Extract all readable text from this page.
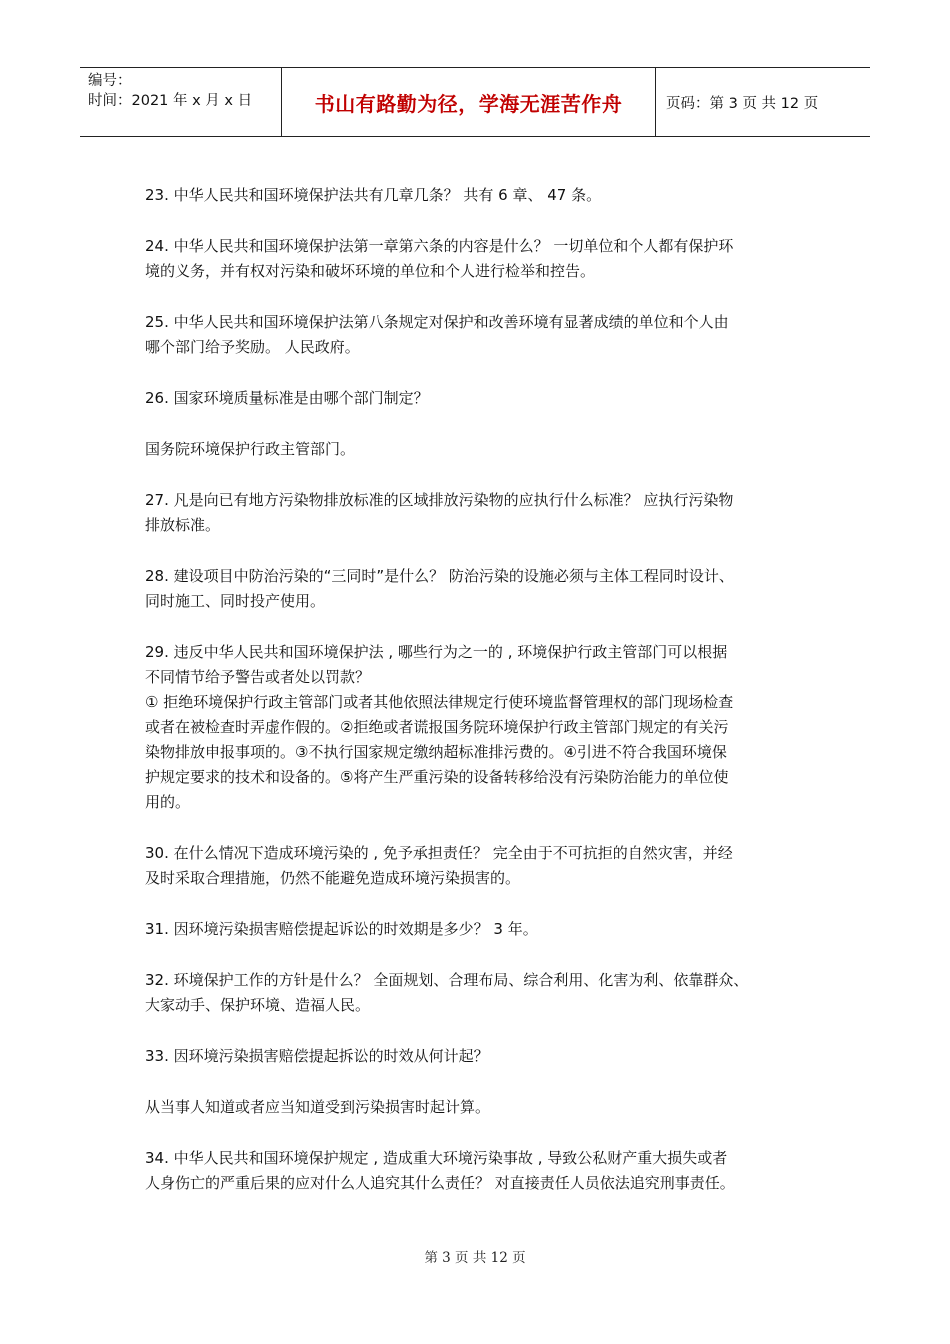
编号：
时间：2021 年 x 月 x 日	书山有路勤为径，学海无涯苦作舟	页码：第 3 页 共 12 页
23. 中华人民共和国环境保护法共有几章几条？ 共有 6 章、 47 条。
24. 中华人民共和国环境保护法第一章第六条的内容是什么？ 一切单位和个人都有保护环
境的义务，并有权对污染和破坏环境的单位和个人进行检举和控告。
25. 中华人民共和国环境保护法第八条规定对保护和改善环境有显著成绩的单位和个人由
哪个部门给予奖励。 人民政府。
26. 国家环境质量标准是由哪个部门制定？
国务院环境保护行政主管部门。
27. 凡是向已有地方污染物排放标准的区域排放污染物的应执行什么标准？ 应执行污染物
排放标准。
28. 建设项目中防治污染的“三同时”是什么？ 防治污染的设施必须与主体工程同时设计、
同时施工、同时投产使用。
29. 违反中华人民共和国环境保护法 , 哪些行为之一的 , 环境保护行政主管部门可以根据
不同情节给予警告或者处以罚款？
① 拒绝环境保护行政主管部门或者其他依照法律规定行使环境监督管理权的部门现场检查
或者在被检查时弄虚作假的。②拒绝或者谎报国务院环境保护行政主管部门规定的有关污
染物排放申报事项的。③不执行国家规定缴纳超标准排污费的。④引进不符合我国环境保
护规定要求的技术和设备的。⑤将产生严重污染的设备转移给没有污染防治能力的单位使
用的。
30. 在什么情况下造成环境污染的 , 免予承担责任？ 完全由于不可抗拒的自然灾害，并经
及时采取合理措施，仍然不能避免造成环境污染损害的。
31. 因环境污染损害赔偿提起诉讼的时效期是多少？ 3 年。
32. 环境保护工作的方针是什么？ 全面规划、合理布局、综合利用、化害为利、依靠群众、
大家动手、保护环境、造福人民。
33. 因环境污染损害赔偿提起拆讼的时效从何计起？
从当事人知道或者应当知道受到污染损害时起计算。
34. 中华人民共和国环境保护规定 , 造成重大环境污染事故 , 导致公私财产重大损失或者
人身伤亡的严重后果的应对什么人追究其什么责任？ 对直接责任人员依法追究刑事责任。
第 3 页 共 12 页
